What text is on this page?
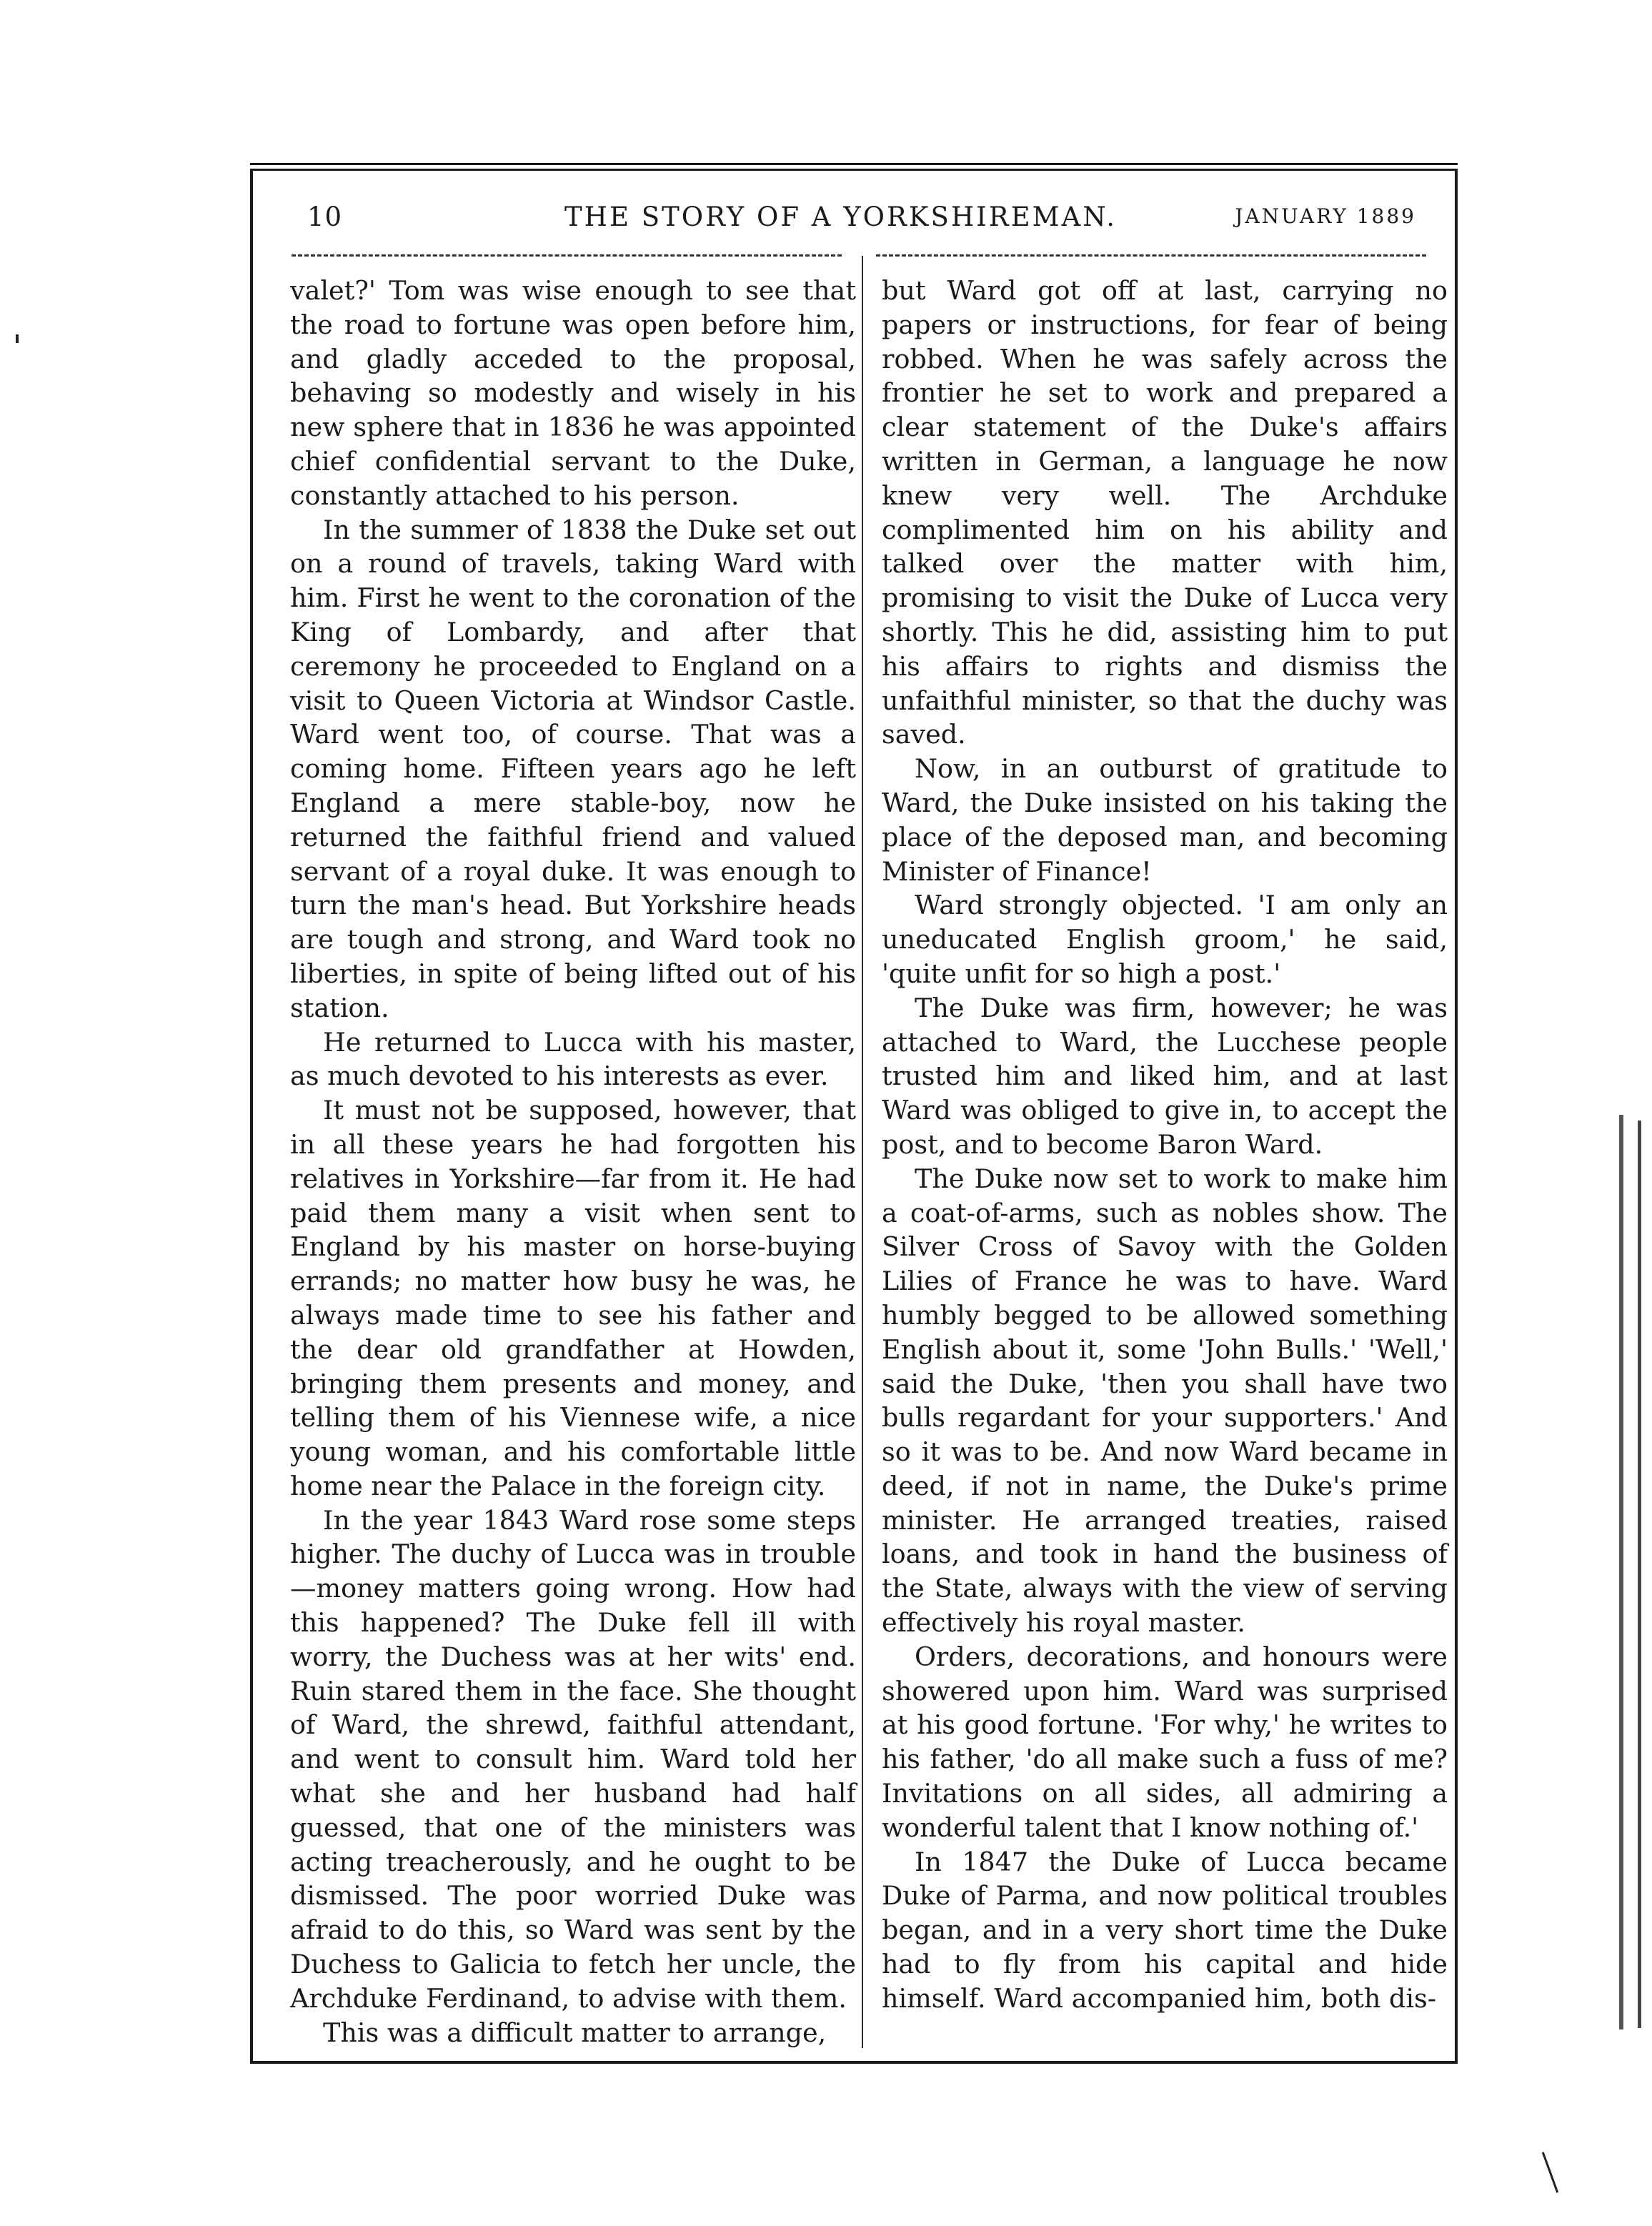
10	THE STORY OF A YORKSHIREMAN.	JANUARY 1889

valet?' Tom was wise enough to see that the road to fortune was open before him, and gladly acceded to the proposal, behaving so modestly and wisely in his new sphere that in 1836 he was appointed chief confidential servant to the Duke, constantly attached to his person.

In the summer of 1838 the Duke set out on a round of travels, taking Ward with him. First he went to the coronation of the King of Lombardy, and after that ceremony he proceeded to England on a visit to Queen Victoria at Windsor Castle. Ward went too, of course. That was a coming home. Fifteen years ago he left England a mere stable-boy, now he returned the faithful friend and valued servant of a royal duke. It was enough to turn the man's head. But Yorkshire heads are tough and strong, and Ward took no liberties, in spite of being lifted out of his station.

He returned to Lucca with his master, as much devoted to his interests as ever.

It must not be supposed, however, that in all these years he had forgotten his relatives in Yorkshire—far from it. He had paid them many a visit when sent to England by his master on horse-buying errands; no matter how busy he was, he always made time to see his father and the dear old grandfather at Howden, bringing them presents and money, and telling them of his Viennese wife, a nice young woman, and his comfortable little home near the Palace in the foreign city.

In the year 1843 Ward rose some steps higher. The duchy of Lucca was in trouble—money matters going wrong. How had this happened? The Duke fell ill with worry, the Duchess was at her wits' end. Ruin stared them in the face. She thought of Ward, the shrewd, faithful attendant, and went to consult him. Ward told her what she and her husband had half guessed, that one of the ministers was acting treacherously, and he ought to be dismissed. The poor worried Duke was afraid to do this, so Ward was sent by the Duchess to Galicia to fetch her uncle, the Archduke Ferdinand, to advise with them.

This was a difficult matter to arrange,

but Ward got off at last, carrying no papers or instructions, for fear of being robbed. When he was safely across the frontier he set to work and prepared a clear statement of the Duke's affairs written in German, a language he now knew very well. The Archduke complimented him on his ability and talked over the matter with him, promising to visit the Duke of Lucca very shortly. This he did, assisting him to put his affairs to rights and dismiss the unfaithful minister, so that the duchy was saved.

Now, in an outburst of gratitude to Ward, the Duke insisted on his taking the place of the deposed man, and becoming Minister of Finance!

Ward strongly objected. 'I am only an uneducated English groom,' he said, 'quite unfit for so high a post.'

The Duke was firm, however; he was attached to Ward, the Lucchese people trusted him and liked him, and at last Ward was obliged to give in, to accept the post, and to become Baron Ward.

The Duke now set to work to make him a coat-of-arms, such as nobles show. The Silver Cross of Savoy with the Golden Lilies of France he was to have. Ward humbly begged to be allowed something English about it, some 'John Bulls.' 'Well,' said the Duke, 'then you shall have two bulls regardant for your supporters.' And so it was to be. And now Ward became in deed, if not in name, the Duke's prime minister. He arranged treaties, raised loans, and took in hand the business of the State, always with the view of serving effectively his royal master.

Orders, decorations, and honours were showered upon him. Ward was surprised at his good fortune. 'For why,' he writes to his father, 'do all make such a fuss of me? Invitations on all sides, all admiring a wonderful talent that I know nothing of.'

In 1847 the Duke of Lucca became Duke of Parma, and now political troubles began, and in a very short time the Duke had to fly from his capital and hide himself. Ward accompanied him, both dis-
